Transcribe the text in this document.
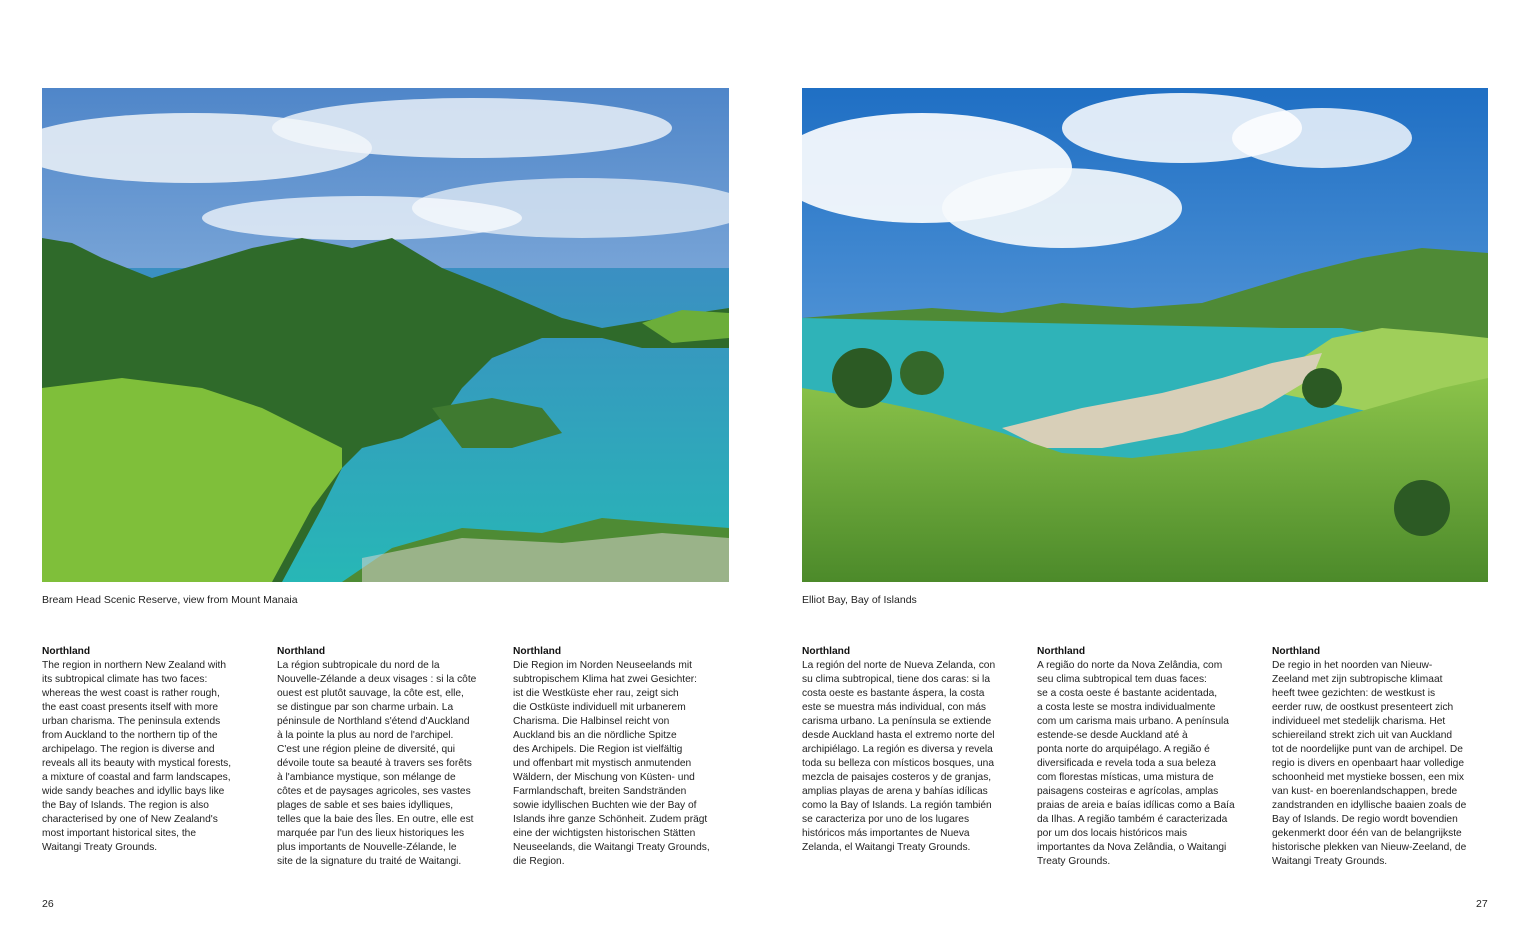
Bream Head Scenic Reserve, view from Mount Manaia	Elliot Bay, Bay of Islands
Northland

The region in northern New Zealand with
its subtropical climate has two faces:
whereas the west coast is rather rough,
the east coast presents itself with more
urban charisma. The peninsula extends
from Auckland to the northern tip of the
archipelago. The region is diverse and
reveals all its beauty with mystical forests,
a mixture of coastal and farm landscapes,
wide sandy beaches and idyllic bays like
the Bay of Islands. The region is also
characterised by one of New Zealand's
most important historical sites, the
Waitangi Treaty Grounds.

Northland

La région subtropicale du nord de la
Nouvelle-Zélande a deux visages : si la côte
ouest est plutôt sauvage, la côte est, elle,
se distingue par son charme urbain. La
péninsule de Northland s'étend d'Auckland
à la pointe la plus au nord de l'archipel.
C'est une région pleine de diversité, qui
dévoile toute sa beauté à travers ses forêts
à l'ambiance mystique, son mélange de
côtes et de paysages agricoles, ses vastes
plages de sable et ses baies idylliques,
telles que la baie des Îles. En outre, elle est
marquée par l'un des lieux historiques les
plus importants de Nouvelle-Zélande, le
site de la signature du traité de Waitangi.

Northland

Die Region im Norden Neuseelands mit
subtropischem Klima hat zwei Gesichter:
ist die Westküste eher rau, zeigt sich
die Ostküste individuell mit urbanerem
Charisma. Die Halbinsel reicht von
Auckland bis an die nördliche Spitze
des Archipels. Die Region ist vielfältig
und offenbart mit mystisch anmutenden
Wäldern, der Mischung von Küsten- und
Farmlandschaft, breiten Sandstränden
sowie idyllischen Buchten wie der Bay of
Islands ihre ganze Schönheit. Zudem prägt
eine der wichtigsten historischen Stätten
Neuseelands, die Waitangi Treaty Grounds,
die Region.

Northland

La región del norte de Nueva Zelanda, con
su clima subtropical, tiene dos caras: si la
costa oeste es bastante áspera, la costa
este se muestra más individual, con más
carisma urbano. La península se extiende
desde Auckland hasta el extremo norte del
archipiélago. La región es diversa y revela
toda su belleza con místicos bosques, una
mezcla de paisajes costeros y de granjas,
amplias playas de arena y bahías idílicas
como la Bay of Islands. La región también
se caracteriza por uno de los lugares
históricos más importantes de Nueva
Zelanda, el Waitangi Treaty Grounds.

Northland

A região do norte da Nova Zelândia, com
seu clima subtropical tem duas faces:
se a costa oeste é bastante acidentada,
a costa leste se mostra individualmente
com um carisma mais urbano. A península
estende-se desde Auckland até à
ponta norte do arquipélago. A região é
diversificada e revela toda a sua beleza
com florestas místicas, uma mistura de
paisagens costeiras e agrícolas, amplas
praias de areia e baías idílicas como a Baía
da Ilhas. A região também é caracterizada
por um dos locais históricos mais
importantes da Nova Zelândia, o Waitangi
Treaty Grounds.

Northland

De regio in het noorden van Nieuw-
Zeeland met zijn subtropische klimaat
heeft twee gezichten: de westkust is
eerder ruw, de oostkust presenteert zich
individueel met stedelijk charisma. Het
schiereiland strekt zich uit van Auckland
tot de noordelijke punt van de archipel. De
regio is divers en openbaart haar volledige
schoonheid met mystieke bossen, een mix
van kust- en boerenlandschappen, brede
zandstranden en idyllische baaien zoals de
Bay of Islands. De regio wordt bovendien
gekenmerkt door één van de belangrijkste
historische plekken van Nieuw-Zeeland, de
Waitangi Treaty Grounds.

26	27
